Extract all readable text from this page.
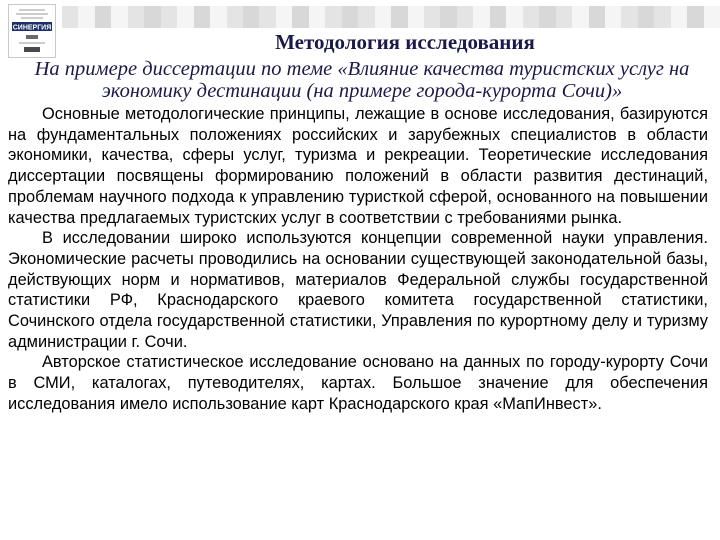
СИНЕРГИЯ
Методология исследования

На примере диссертации по теме «Влияние качества туристских услуг на экономику дестинации (на примере города-курорта Сочи)»

Основные методологические принципы, лежащие в основе исследования, базируются на фундаментальных положениях российских и зарубежных специалистов в области экономики, качества, сферы услуг, туризма и рекреации. Теоретические исследования диссертации посвящены формированию положений в области развития дестинаций, проблемам научного подхода к управлению туристкой сферой, основанного на повышении качества предлагаемых туристских услуг в соответствии с требованиями рынка.

В исследовании широко используются концепции современной науки управления. Экономические расчеты проводились на основании существующей законодательной базы, действующих норм и нормативов, материалов Федеральной службы государственной статистики РФ, Краснодарского краевого комитета государственной статистики, Сочинского отдела государственной статистики, Управления по курортному делу и туризму администрации г. Сочи.

Авторское статистическое исследование основано на данных по городу-курорту Сочи в СМИ, каталогах, путеводителях, картах. Большое значение для обеспечения исследования имело использование карт Краснодарского края «МапИнвест».
